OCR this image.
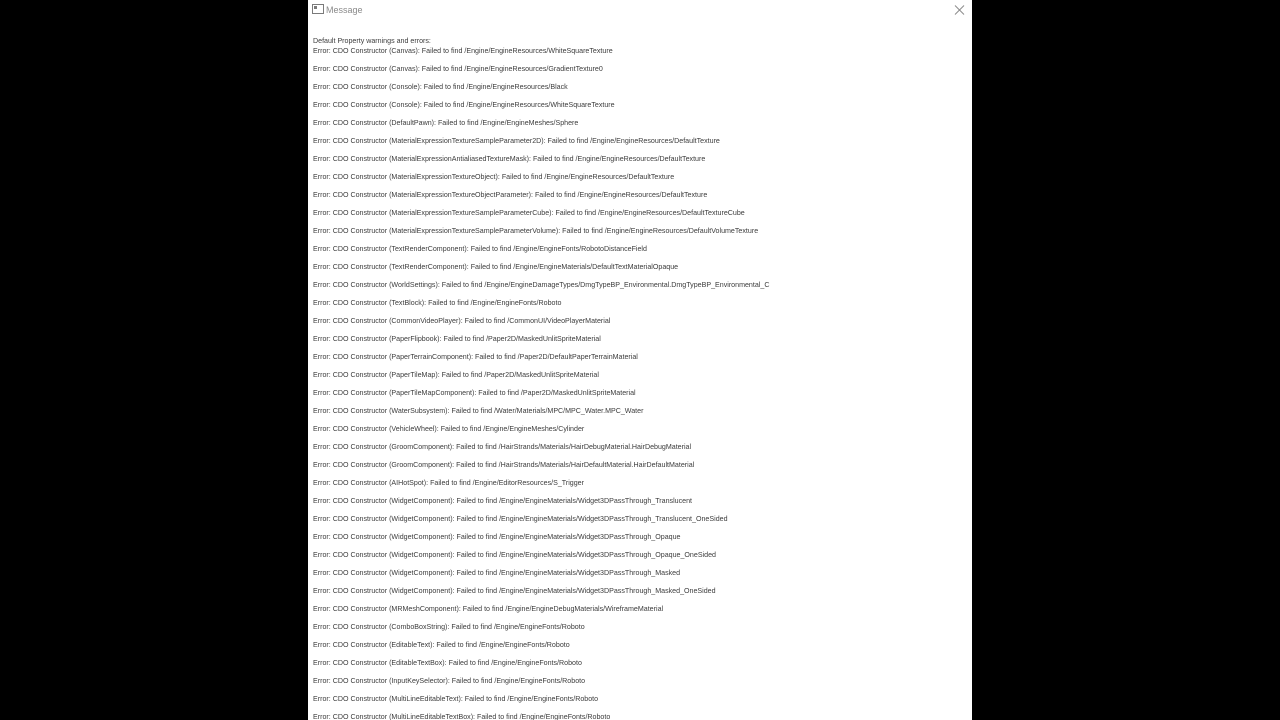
Message
Default Property warnings and errors:
Error: CDO Constructor (Canvas): Failed to find /Engine/EngineResources/WhiteSquareTexture
Error: CDO Constructor (Canvas): Failed to find /Engine/EngineResources/GradientTexture0
Error: CDO Constructor (Console): Failed to find /Engine/EngineResources/Black
Error: CDO Constructor (Console): Failed to find /Engine/EngineResources/WhiteSquareTexture
Error: CDO Constructor (DefaultPawn): Failed to find /Engine/EngineMeshes/Sphere
Error: CDO Constructor (MaterialExpressionTextureSampleParameter2D): Failed to find /Engine/EngineResources/DefaultTexture
Error: CDO Constructor (MaterialExpressionAntialiasedTextureMask): Failed to find /Engine/EngineResources/DefaultTexture
Error: CDO Constructor (MaterialExpressionTextureObject): Failed to find /Engine/EngineResources/DefaultTexture
Error: CDO Constructor (MaterialExpressionTextureObjectParameter): Failed to find /Engine/EngineResources/DefaultTexture
Error: CDO Constructor (MaterialExpressionTextureSampleParameterCube): Failed to find /Engine/EngineResources/DefaultTextureCube
Error: CDO Constructor (MaterialExpressionTextureSampleParameterVolume): Failed to find /Engine/EngineResources/DefaultVolumeTexture
Error: CDO Constructor (TextRenderComponent): Failed to find /Engine/EngineFonts/RobotoDistanceField
Error: CDO Constructor (TextRenderComponent): Failed to find /Engine/EngineMaterials/DefaultTextMaterialOpaque
Error: CDO Constructor (WorldSettings): Failed to find /Engine/EngineDamageTypes/DmgTypeBP_Environmental.DmgTypeBP_Environmental_C
Error: CDO Constructor (TextBlock): Failed to find /Engine/EngineFonts/Roboto
Error: CDO Constructor (CommonVideoPlayer): Failed to find /CommonUI/VideoPlayerMaterial
Error: CDO Constructor (PaperFlipbook): Failed to find /Paper2D/MaskedUnlitSpriteMaterial
Error: CDO Constructor (PaperTerrainComponent): Failed to find /Paper2D/DefaultPaperTerrainMaterial
Error: CDO Constructor (PaperTileMap): Failed to find /Paper2D/MaskedUnlitSpriteMaterial
Error: CDO Constructor (PaperTileMapComponent): Failed to find /Paper2D/MaskedUnlitSpriteMaterial
Error: CDO Constructor (WaterSubsystem): Failed to find /Water/Materials/MPC/MPC_Water.MPC_Water
Error: CDO Constructor (VehicleWheel): Failed to find /Engine/EngineMeshes/Cylinder
Error: CDO Constructor (GroomComponent): Failed to find /HairStrands/Materials/HairDebugMaterial.HairDebugMaterial
Error: CDO Constructor (GroomComponent): Failed to find /HairStrands/Materials/HairDefaultMaterial.HairDefaultMaterial
Error: CDO Constructor (AIHotSpot): Failed to find /Engine/EditorResources/S_Trigger
Error: CDO Constructor (WidgetComponent): Failed to find /Engine/EngineMaterials/Widget3DPassThrough_Translucent
Error: CDO Constructor (WidgetComponent): Failed to find /Engine/EngineMaterials/Widget3DPassThrough_Translucent_OneSided
Error: CDO Constructor (WidgetComponent): Failed to find /Engine/EngineMaterials/Widget3DPassThrough_Opaque
Error: CDO Constructor (WidgetComponent): Failed to find /Engine/EngineMaterials/Widget3DPassThrough_Opaque_OneSided
Error: CDO Constructor (WidgetComponent): Failed to find /Engine/EngineMaterials/Widget3DPassThrough_Masked
Error: CDO Constructor (WidgetComponent): Failed to find /Engine/EngineMaterials/Widget3DPassThrough_Masked_OneSided
Error: CDO Constructor (MRMeshComponent): Failed to find /Engine/EngineDebugMaterials/WireframeMaterial
Error: CDO Constructor (ComboBoxString): Failed to find /Engine/EngineFonts/Roboto
Error: CDO Constructor (EditableText): Failed to find /Engine/EngineFonts/Roboto
Error: CDO Constructor (EditableTextBox): Failed to find /Engine/EngineFonts/Roboto
Error: CDO Constructor (InputKeySelector): Failed to find /Engine/EngineFonts/Roboto
Error: CDO Constructor (MultiLineEditableText): Failed to find /Engine/EngineFonts/Roboto
Error: CDO Constructor (MultiLineEditableTextBox): Failed to find /Engine/EngineFonts/Roboto
